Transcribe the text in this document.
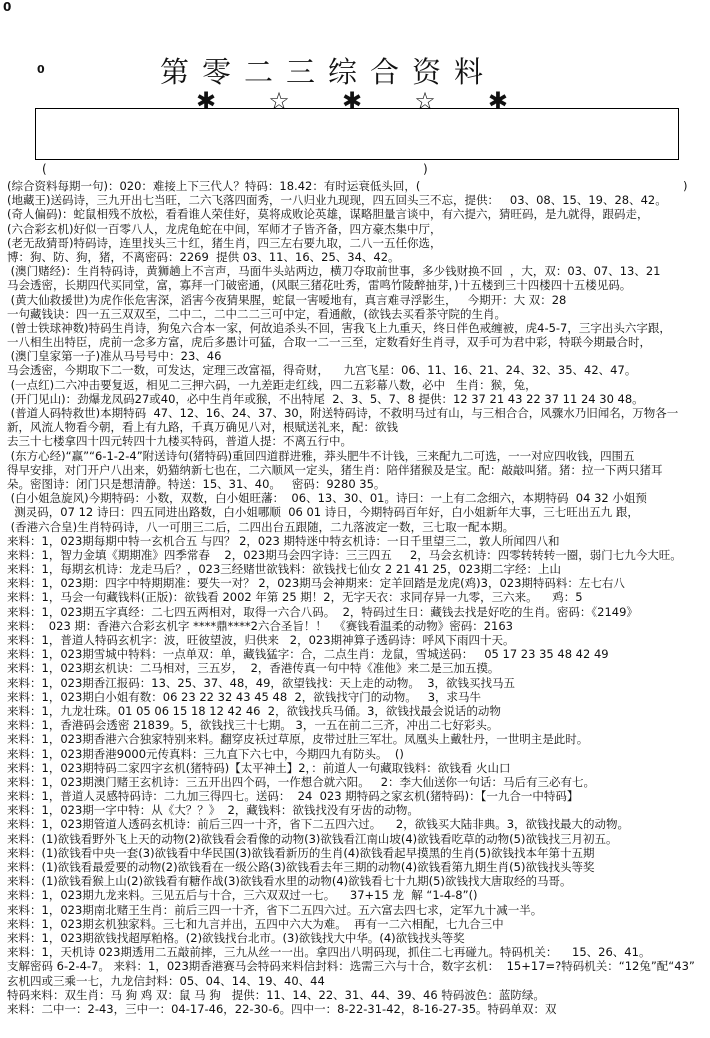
0
0	第零二三综合资料
✱ ☆ ✱ ☆ ✱
(	)
(综合资料每期一句)：020：难接上下三代人？特码：18.42：有时运衰低头回，(
(地藏王)送码诗，三九开出七当旺，二六飞落四面秀，一八归业九现现，四五回头三不忘，提供：   03、08、15、19、28、42。
(奇人偏码)：蛇鼠相残不放松，看看谁人荣佳好，莫将成败论英雄，谋略胆量言谈中，有六提六，猜旺码，是九就得，跟码走，
(六合彩玄机)好似一百零八人，龙虎龟蛇在中间，军师才子皆齐备，四方豪杰集中厅，
(老无敌猜哥)特码诗，连里找头三十红，猪生肖，四三左右要九取，二八一五任你选，
博：狗、防、狗，猪，不离密码：2269  提供 03、11、16、25、34、42。
(澳门赌经)：生肖特码诗，黄狮趟上不言声，马面牛头站两边，横刀夺取前世事，多少钱财换不回  ，大，双：03、07、13、21
马会透密，长期四代买同堂，富，寡拜一门破密通，(风眠三猪花吐秀，雷鸣竹陵醉抽芽，)十五楼到三十四楼四十五楼见码。
(黄大仙救援世)为虎作伥危害深，滔害今夜猜果腥，蛇鼠一害嗳地有，真言难寻浮影生，   今期开：大 双：28
一句藏钱诀：四一五三双双至，二中二，二中二二三可中定，看通敝，(欲钱去买看茶守院的生肖。
(曾士铁球神数)特码生肖诗，狗兔六合本一家，何故追杀头不回，害我飞上九重天，终日伴色戒缠被，虎4-5-7，三字出头六字跟，
一八相生出特臣，虎前一念多方富，虎后多愚计可猛，合取一二一三至，定数看好生肖寻，双手可为君中彩，特联今期最合时，
(澳门皇家第一子)准从马号号中：23、46
马会透密，今期取下二一数，可发达，定理三改富福，得奇财，    九宫飞星：06、11、16、21、24、32、35、42、47。
(一点红)二六冲击要复返，相见二三押六码，一九差距走红线，四二五彩幕八数，必中   生肖：猴，兔，
(开门见山)：劲爆龙凤码27或40，必中生肖年或猴，不出特尾  2、3、5、7、8 提供：12 37 21 43 22 37 11 24 30 48。
(普道人码特救世)本期特码  47、12、16、24、37、30，附送特码诗，不救明马过有山，与三相合合，风骤水乃旧闻名，万物各一
新，风流人物看今朝，看上有九路，千真万确见八对，根赋送礼来，配：欲钱
去三十七楼拿四十四元转四十九楼买特码，普道人提：不离五行中。
(东方心经)“赢”“6-1-2-4”附送诗句(猪特码)重回四道群进雅，莽头肥牛不计钱，三来配九二可选，一一对应四收钱，四围五
得早安排，对门开户八出来，奶猫纳新七也在，二六顺风一定头，猪生肖：陪伴猪猴及是宝。配：敲敲叫猪。猪：拉一下两只猪耳
朵。密图诗：闭门只是想清静。特送：15、31、40。   密码：9280 35。
(白小姐急旋风)今期特码：小数，双数，白小姐旺藩：  06、13、30、01。诗曰：一上有二念细六，本期特码  04 32 小姐预
测灵码，07 12 诗曰：四五同进出路数，白小姐哪顺  06 01 诗日，今期特码百年好，白小姐新年大事，三七旺出五九 跟，
(香港六合皇)生肖特码诗，八一可朋三二后，二四出台五跟随，二九落波定一数，三七取一配本期。
来料：1，023期每期中特一玄机合五 与四？ 2，023 期特迷中特玄机诗：一日千里望三二，敦人所闻四八和
来料：1，智力金填《期期准》四季常春    2，023期马会四字诗：三三四五     2，马会玄机诗：四零转转转一圈，弱门七九今大旺。
来料：1，每期玄机诗：龙走马后？，023三经赌世欲钱料：欲钱找七仙女 2 21 41 25，023期二字经：上山
来料：1，023期：四字中特期期准：要失一对？ 2，023期马会神期来：定羊回踏是龙虎(鸡)3，023期特码料：左七右八
来料：1，马会一句藏钱料(正版)：欲钱看 2002 年第 25 期！2，无字天衣：求同存异一九零，三六来。    鸡：5
来料：1，023期五字真经：二七四五两相对，取得一六合八码。  2，特码过生日：藏钱去找是好吃的生肖。密码：《2149》
来料：  023 期：香港六合彩玄机字 ****鼎****2六合圣旨！！  《赛钱看温柔的动物》密码：2163
来料：1，普道人特码玄机字：波，旺彼望波，归供来   2，023期神算子透码诗：呼风下雨四十天。
来料：1，023期雪城中特料：一点单双：单，藏钱猛字：合，二点生肖：龙鼠，雪城送码：   05 17 23 35 48 42 49
来料：1，023期玄机诀：二马相对，三五岁，  2，香港传真一句中特《准他》来二是三加五摸。
来料：1，023期香江报码：13、25、37、48，49，欲望钱找：天上走的动物。  3，欲钱买找马五
来料：1，023期白小姐有数：06 23 22 32 43 45 48  2，欲钱找守门的动物。   3，求马牛
来料：1，九龙壮珠。01 05 06 15 18 12 42 46  2，欲钱找兵马俑。3，欲钱找最会说话的动物
来料：1，香港码会透密 21839。5，欲钱找三十七期。 3，一五在前二三齐，冲出二七好彩头。
来料：1，023期香港六合独家特别来料。翻穿皮袄过草原，皮带过肚三军壮。凤凰头上戴牡丹，一世明主是此时。
来料：1，023期香港9000元传真料：三九直下六七中，今期四九有防头。  ()
来料：1，023期特码二家四字玄机(猪特码)【太平神土】2，：前道人一句藏取钱料：欲钱看 火山口
来料：1，023期澳门赌王玄机诗：三五开出四个码，一作想合就六阳。   2：李大仙送你一句话：马后有三必有七。
来料：1，普道人灵感特码诗：二九加三得四七。送码：  24  023 期特码之家玄机(猪特码)：【一九合一中特码】
来料：1，023期一字中特：从《大？？》  2，藏钱料：欲钱找没有牙齿的动物。
来料：1，023期管道人透码玄机诗：前后三四一十齐，省下二五四六过。    2，欲钱买大陆非典。3，欲钱找最大的动物。
来料：(1)欲钱看野外飞上天的动物(2)欲钱看会看像的动物(3)欲钱看江南山坡(4)欲钱看吃草的动物(5)欲钱找三月初五。
来料：(1)欲钱看中央一套(3)欲钱看中华民国(3)欲钱看新历的生肖(4)欲钱看起早摸黑的生肖(5)欲钱找本年第十五期
来料：(1)欲钱看最爱要的动物(2)欲钱看在一级公路(3)欲钱看去年三期的动物(4)欲钱看第九期生肖(5)欲钱找头等奖
来料：(1)欲钱看猴上山(2)欲钱看有糖作战(3)欲钱看水里的动物(4)欲钱看七十九期(5)欲钱找大唐取经的马哥。
来料：1，023期九龙来料。三见五后与十合，三六双双过一七。    37+15 龙  解 “1-4-8”()
来料：1，023期南北赌王生肖：前后三四一十齐，省下二五四六过。五六富去四七求，定军九十减一半。
来料：1，023期玄机独家料。三七和九言并出，五四中六大为难。  再有一二六相配，七九合三中
来料：1，023期欲钱找超厚粕格。(2)欲钱找台北市。(3)欲钱找大中华。(4)欲钱找头等奖
来料：1，天机诗 023期透用二五敲前摔，三九从丝一一出。拿四出八明码现，抓住二七再碰九。特码机关：    15、26、41。
支解密码 6-2-4-7。 来料：1，023期香港赛马会特码来料信封料：选需三六与十合，数字玄机：  15+17=?特码机关：“12兔”配“43”
玄机四或三乘一七，九龙信封料：05、04、14、19、40、44
特码来料：双生肖：马 狗 鸡 双：鼠 马 狗   提供：11、14、22、31、44、39、46 特码波色：蓝防绿。
来料：二中一：2-43，三中一：04-17-46，22-30-6。四中一：8-22-31-42，8-16-27-35。特码单双：双
)
